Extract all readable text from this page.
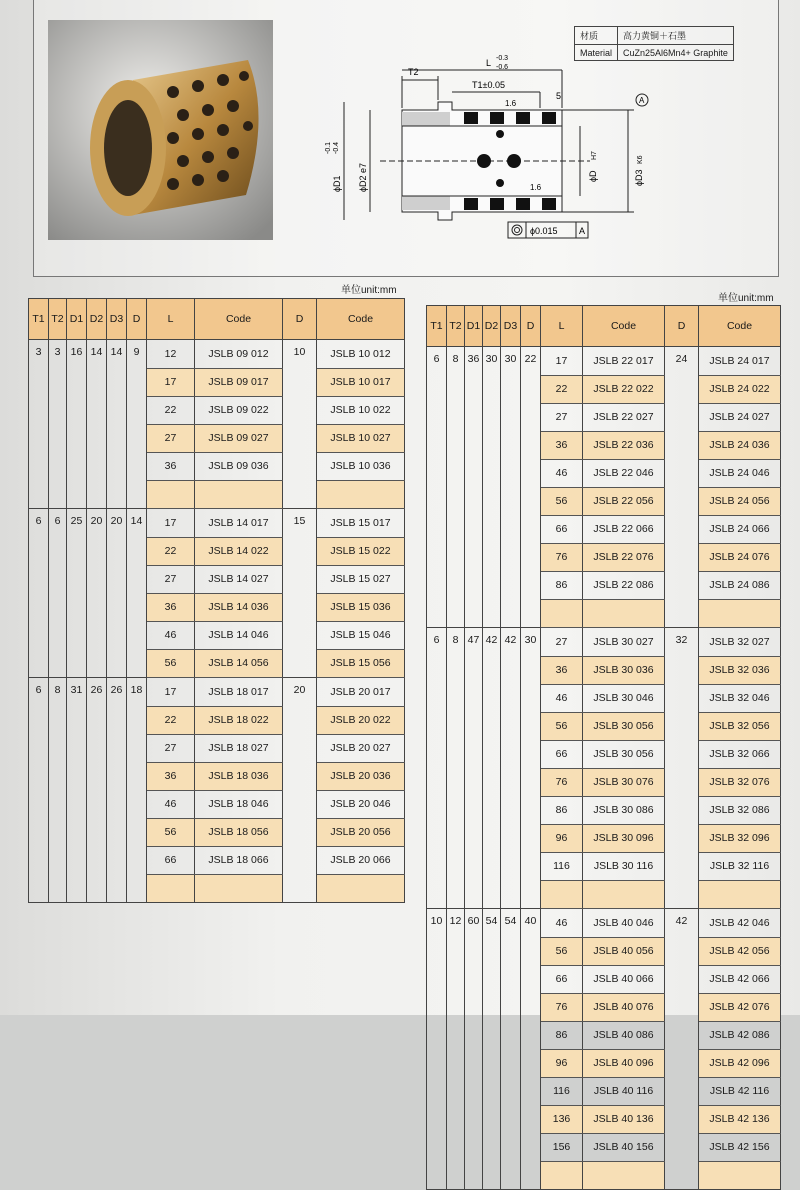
材质	高力黄铜＋石墨
Material	CuZn25Al6Mn4+ Graphite
T2
L -0.3
-0.6
T1±0.05
5
1.6
1.6
A
ϕD1
-0.1 -0.4
ϕD2 e7	ϕD
H7
ϕD3
K6
ϕ0.015 A
单位unit:mm
单位unit:mm
T1	T2	D1	D2	D3	D	L	Code	D	Code
3	3	16	14	14	9	12	JSLB 09 012	10	JSLB 10 012
						17	JSLB 09 017		JSLB 10 017
						22	JSLB 09 022		JSLB 10 022
						27	JSLB 09 027		JSLB 10 027
						36	JSLB 09 036		JSLB 10 036

6	6	25	20	20	14	17	JSLB 14 017	15	JSLB 15 017
						22	JSLB 14 022		JSLB 15 022
						27	JSLB 14 027		JSLB 15 027
						36	JSLB 14 036		JSLB 15 036
						46	JSLB 14 046		JSLB 15 046
						56	JSLB 14 056		JSLB 15 056
6	8	31	26	26	18	17	JSLB 18 017	20	JSLB 20 017
						22	JSLB 18 022		JSLB 20 022
						27	JSLB 18 027		JSLB 20 027
						36	JSLB 18 036		JSLB 20 036
						46	JSLB 18 046		JSLB 20 046
						56	JSLB 18 056		JSLB 20 056
						66	JSLB 18 066		JSLB 20 066

T1	T2	D1	D2	D3	D	L	Code	D	Code
6	8	36	30	30	22	17	JSLB 22 017	24	JSLB 24 017
						22	JSLB 22 022		JSLB 24 022
						27	JSLB 22 027		JSLB 24 027
						36	JSLB 22 036		JSLB 24 036
						46	JSLB 22 046		JSLB 24 046
						56	JSLB 22 056		JSLB 24 056
						66	JSLB 22 066		JSLB 24 066
						76	JSLB 22 076		JSLB 24 076
						86	JSLB 22 086		JSLB 24 086

6	8	47	42	42	30	27	JSLB 30 027	32	JSLB 32 027
						36	JSLB 30 036		JSLB 32 036
						46	JSLB 30 046		JSLB 32 046
						56	JSLB 30 056		JSLB 32 056
						66	JSLB 30 056		JSLB 32 066
						76	JSLB 30 076		JSLB 32 076
						86	JSLB 30 086		JSLB 32 086
						96	JSLB 30 096		JSLB 32 096
						116	JSLB 30 116		JSLB 32 116

10	12	60	54	54	40	46	JSLB 40 046	42	JSLB 42 046
						56	JSLB 40 056		JSLB 42 056
						66	JSLB 40 066		JSLB 42 066
						76	JSLB 40 076		JSLB 42 076
						86	JSLB 40 086		JSLB 42 086
						96	JSLB 40 096		JSLB 42 096
						116	JSLB 40 116		JSLB 42 116
						136	JSLB 40 136		JSLB 42 136
						156	JSLB 40 156		JSLB 42 156
